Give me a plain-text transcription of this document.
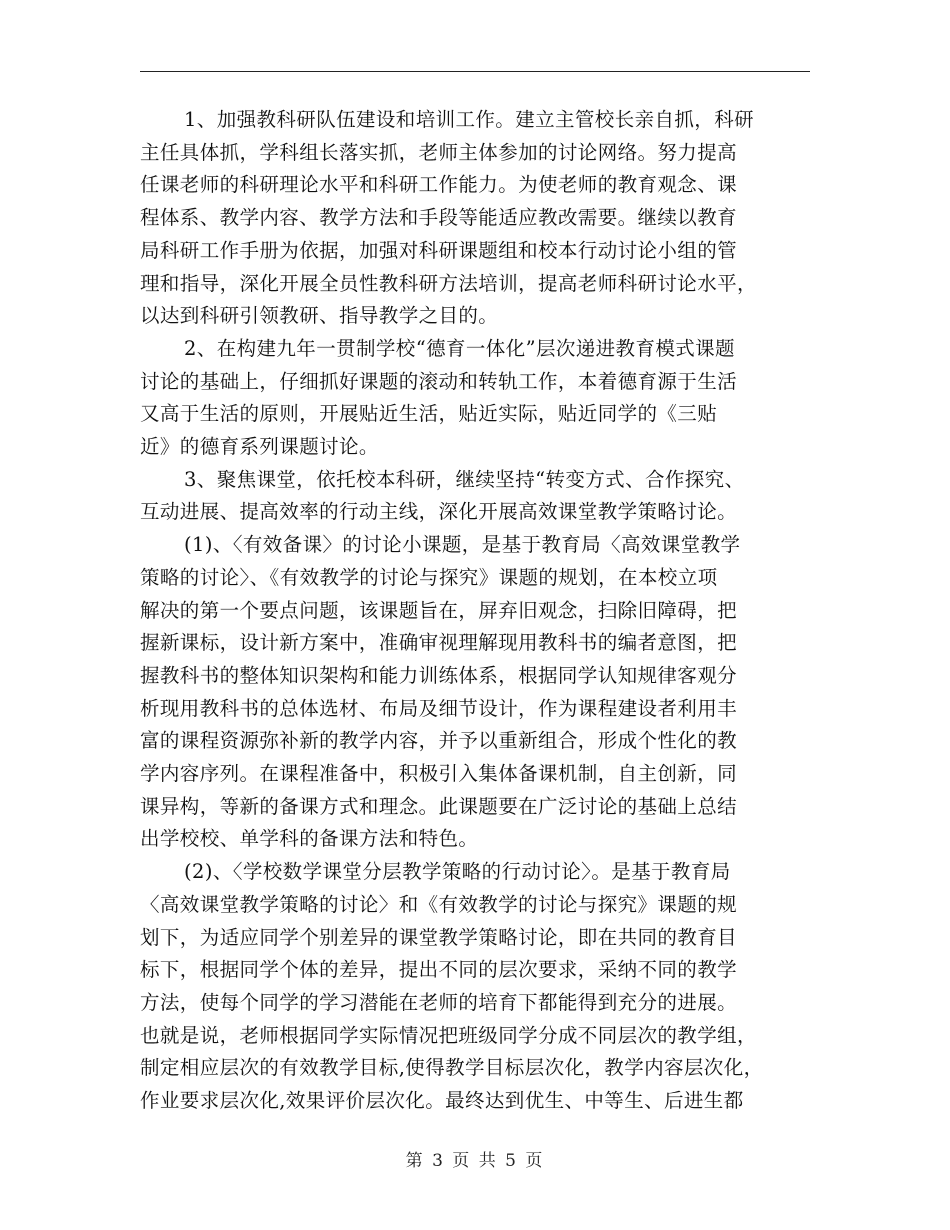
1、加强教科研队伍建设和培训工作。建立主管校长亲自抓，科研
主任具体抓，学科组长落实抓，老师主体参加的讨论网络。努力提高
任课老师的科研理论水平和科研工作能力。为使老师的教育观念、课
程体系、教学内容、教学方法和手段等能适应教改需要。继续以教育
局科研工作手册为依据，加强对科研课题组和校本行动讨论小组的管
理和指导，深化开展全员性教科研方法培训，提高老师科研讨论水平，
以达到科研引领教研、指导教学之目的。

2、在构建九年一贯制学校“德育一体化”层次递进教育模式课题
讨论的基础上，仔细抓好课题的滚动和转轨工作，本着德育源于生活
又高于生活的原则，开展贴近生活，贴近实际，贴近同学的《三贴
近》的德育系列课题讨论。

3、聚焦课堂，依托校本科研，继续坚持“转变方式、合作探究、
互动进展、提高效率的行动主线，深化开展高效课堂教学策略讨论。

(1)、〈有效备课〉的讨论小课题，是基于教育局〈高效课堂教学
策略的讨论〉、《有效教学的讨论与探究》课题的规划，在本校立项
解决的第一个要点问题，该课题旨在，屏弃旧观念，扫除旧障碍，把
握新课标，设计新方案中，准确审视理解现用教科书的编者意图，把
握教科书的整体知识架构和能力训练体系，根据同学认知规律客观分
析现用教科书的总体选材、布局及细节设计，作为课程建设者利用丰
富的课程资源弥补新的教学内容，并予以重新组合，形成个性化的教
学内容序列。在课程准备中，积极引入集体备课机制，自主创新，同
课异构，等新的备课方式和理念。此课题要在广泛讨论的基础上总结
出学校校、单学科的备课方法和特色。

(2)、〈学校数学课堂分层教学策略的行动讨论〉。是基于教育局
〈高效课堂教学策略的讨论〉和《有效教学的讨论与探究》课题的规
划下，为适应同学个别差异的课堂教学策略讨论，即在共同的教育目
标下，根据同学个体的差异，提出不同的层次要求，采纳不同的教学
方法，使每个同学的学习潜能在老师的培育下都能得到充分的进展。
也就是说，老师根据同学实际情况把班级同学分成不同层次的教学组，
制定相应层次的有效教学目标,使得教学目标层次化，教学内容层次化，
作业要求层次化,效果评价层次化。最终达到优生、中等生、后进生都

第 3 页 共 5 页
